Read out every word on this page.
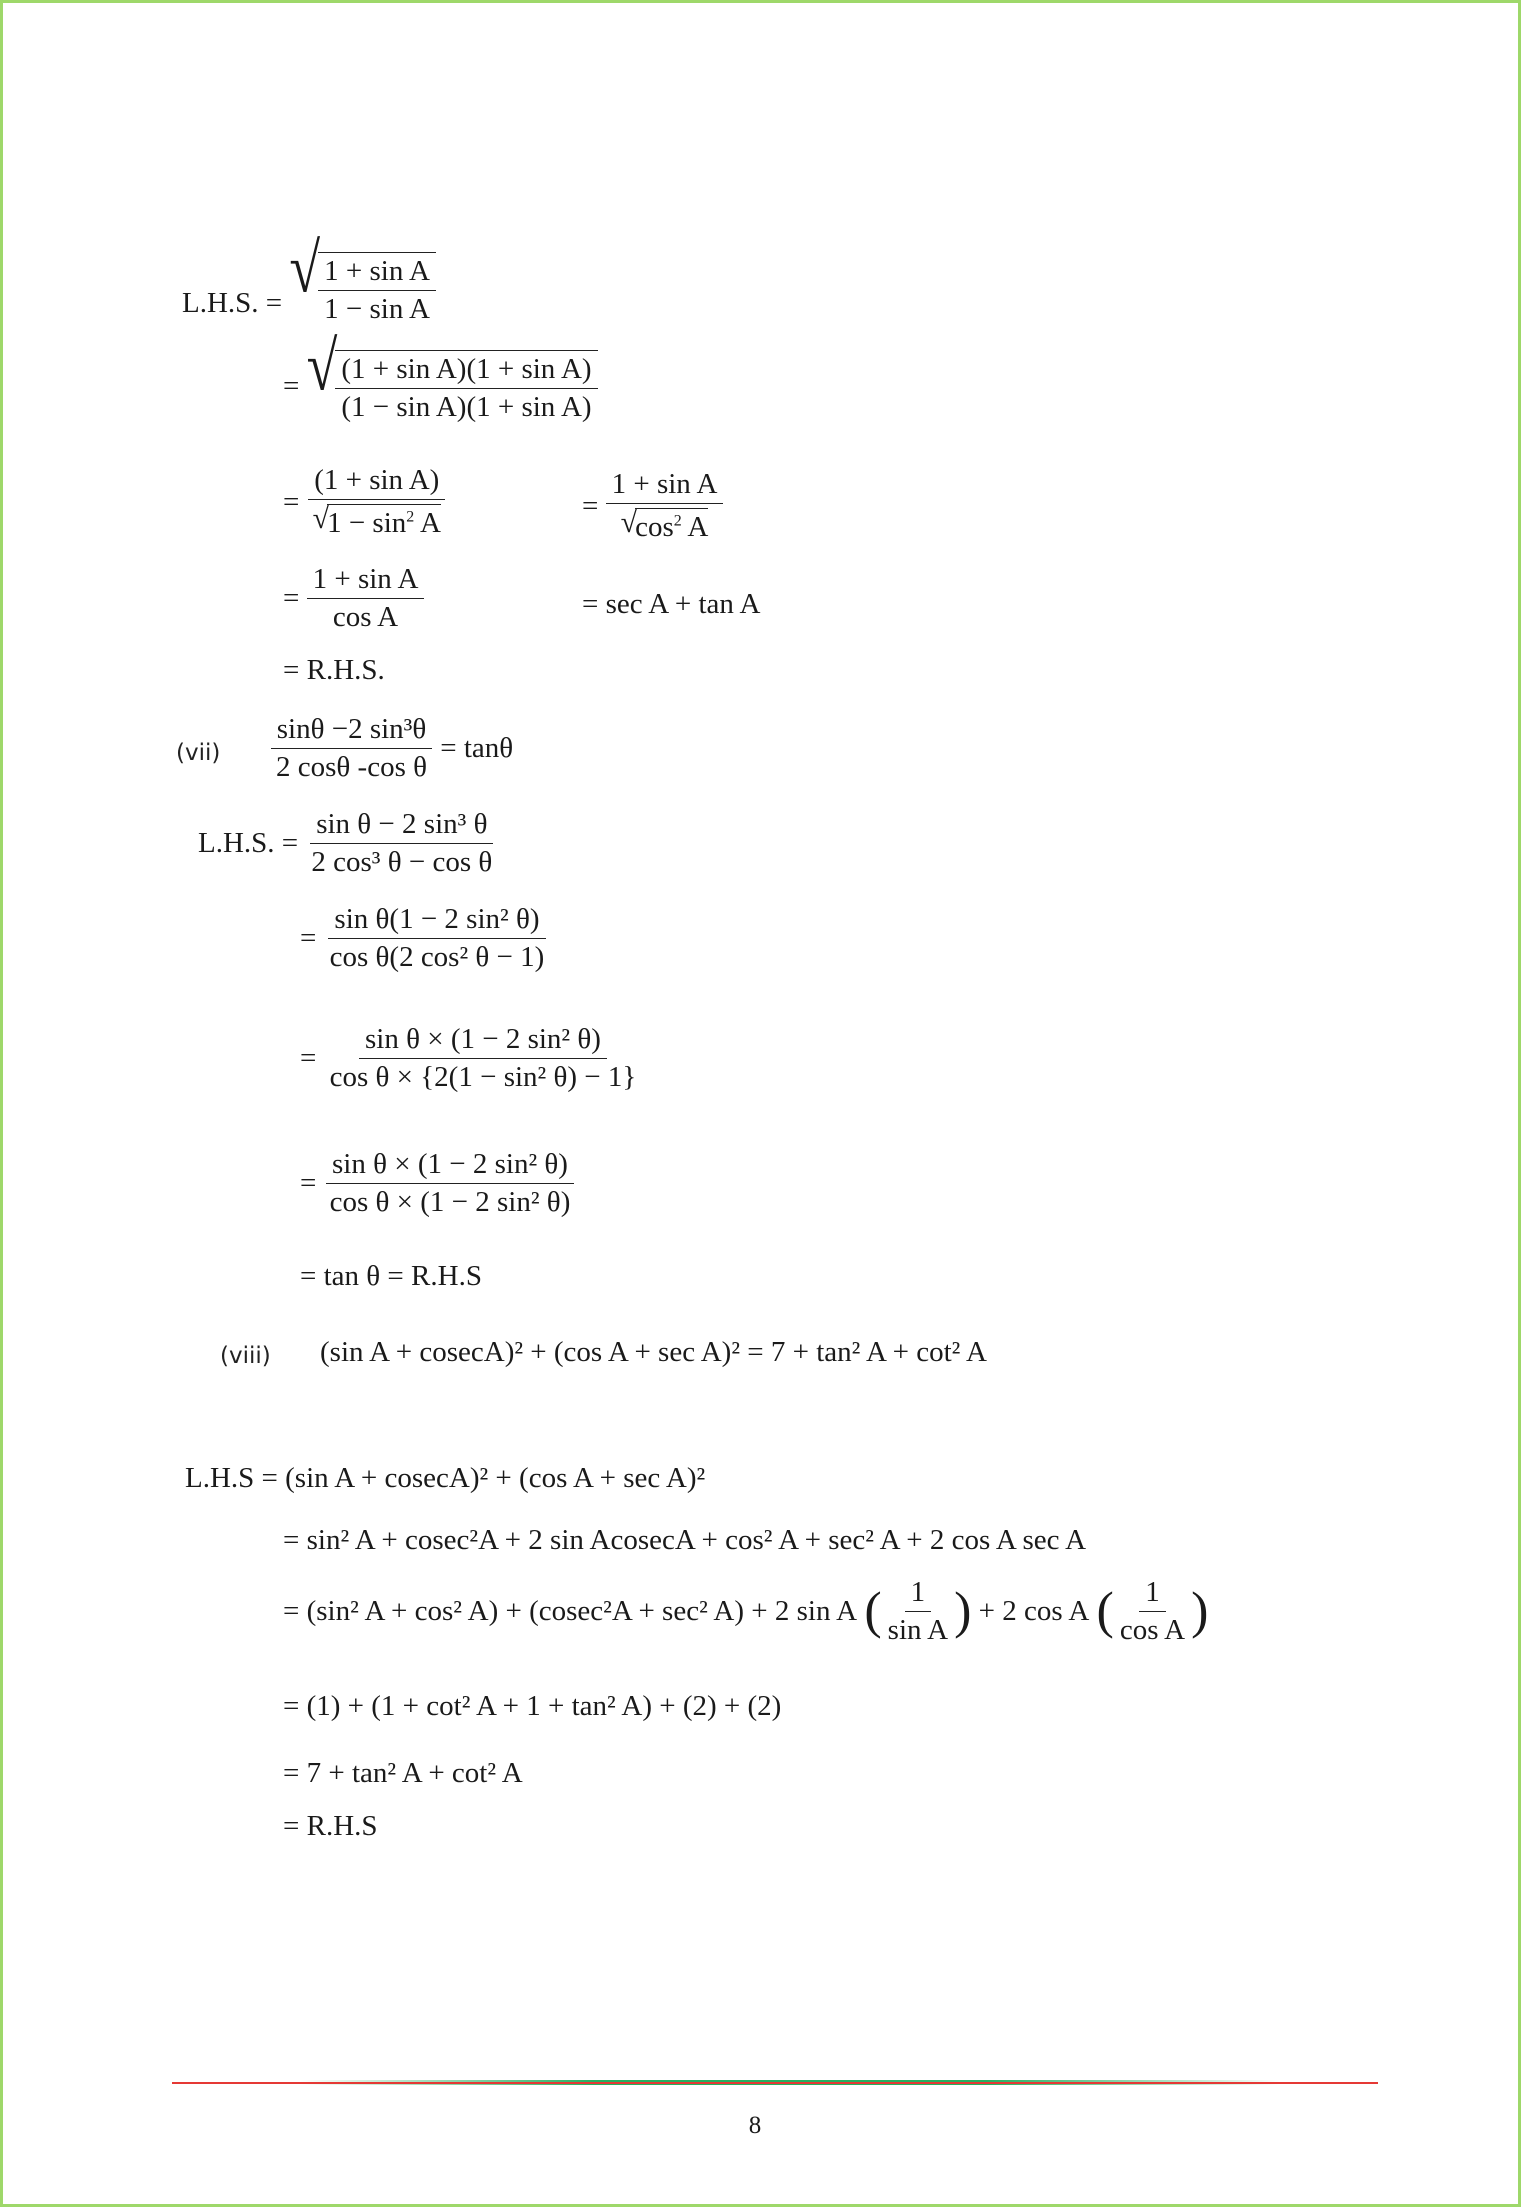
L.H.S. = √
$\frac{\text{1 + sin A}}{\text{1 − sin A}}$
= √
$\frac{\text{(1 + sin A)(1 + sin A)}}{\text{(1 − sin A)(1 + sin A)}}$
= (1 + sin A)
√
$1 - \sin^2 A$	= 1 + sin A
√
$\cos^2 A$
= $\frac{\text{1 + sin A}}{\text{cos A}}$	= sec A + tan A
= R.H.S.
$(vii) \frac{\text{sinθ −2 sin³θ}}{\text{2 cosθ -cos θ}} = \tan\theta$
L.H.S. = $\frac{\text{sin θ − 2 sin³ θ}}{\text{2 cos³ θ − cos θ}}$
= $\frac{\text{sin θ(1 − 2 sin² θ)}}{\text{cos θ(2 cos² θ − 1)}}$
= $\frac{\text{sin θ × (1 − 2 sin² θ)}}{\text{cos θ × \{2(1 − sin² θ) − 1\}}}$
= $\frac{\text{sin θ × (1 − 2 sin² θ)}}{\text{cos θ × (1 − 2 sin² θ)}}$
= tan θ = R.H.S
(viii) (sin A + cosecA)² + (cos A + sec A)² = 7 + tan² A + cot² A
L.H.S = (sin A + cosecA)² + (cos A + sec A)²
= sin² A + cosec²A + 2 sin AcosecA + cos² A + sec² A + 2 cos A sec A
= (sin² A + cos² A) + (cosec²A + sec² A) + 2 sin A ( $\frac{1}{\text{sin A}}$ ) + 2 cos A ( $\frac{1}{\text{cos A}}$ )
= (1) + (1 + cot² A + 1 + tan² A) + (2) + (2)
= 7 + tan² A + cot² A
= R.H.S
8
